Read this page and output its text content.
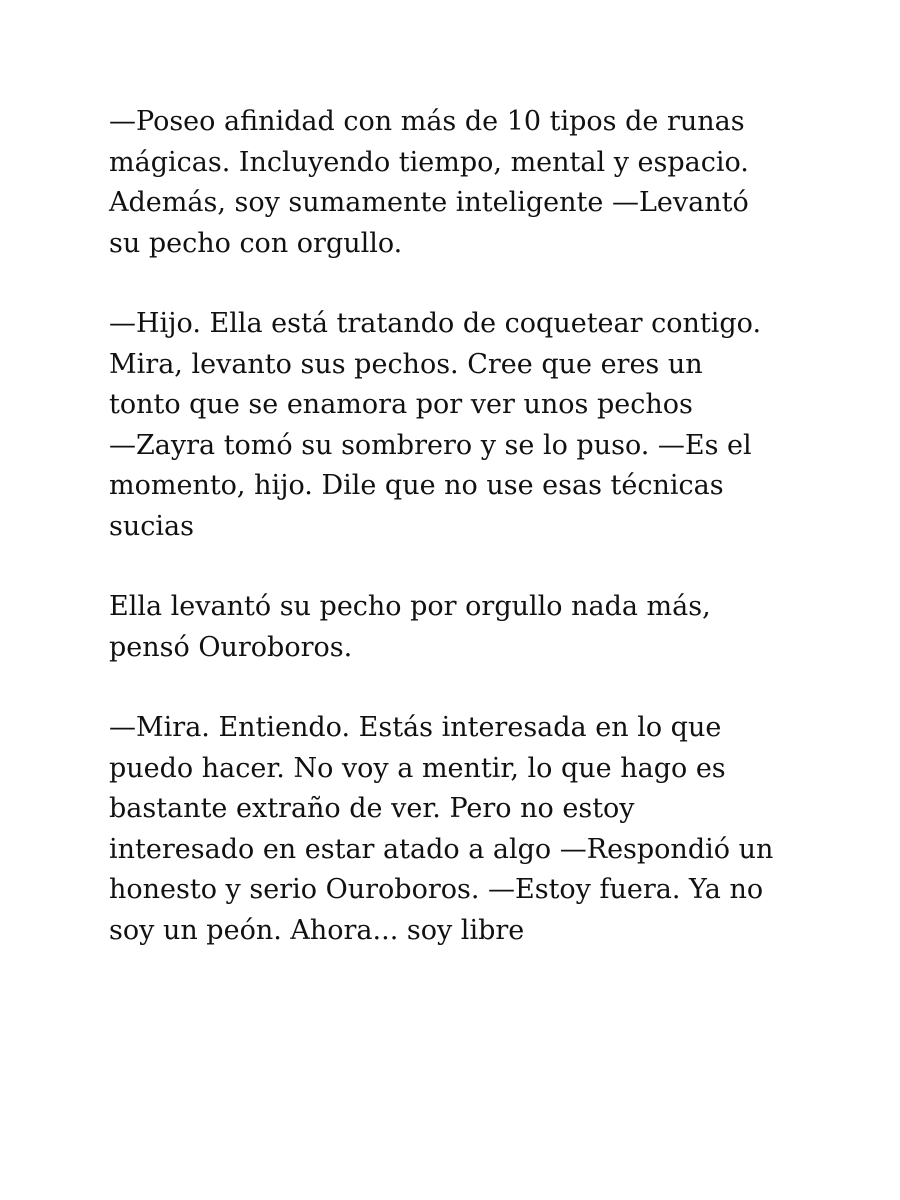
—Poseo afinidad con más de 10 tipos de runas
mágicas. Incluyendo tiempo, mental y espacio.
Además, soy sumamente inteligente —Levantó
su pecho con orgullo.

—Hijo. Ella está tratando de coquetear contigo.
Mira, levanto sus pechos. Cree que eres un
tonto que se enamora por ver unos pechos
—Zayra tomó su sombrero y se lo puso. —Es el
momento, hijo. Dile que no use esas técnicas
sucias

Ella levantó su pecho por orgullo nada más,
pensó Ouroboros.

—Mira. Entiendo. Estás interesada en lo que
puedo hacer. No voy a mentir, lo que hago es
bastante extraño de ver. Pero no estoy
interesado en estar atado a algo —Respondió un
honesto y serio Ouroboros. —Estoy fuera. Ya no
soy un peón. Ahora... soy libre
